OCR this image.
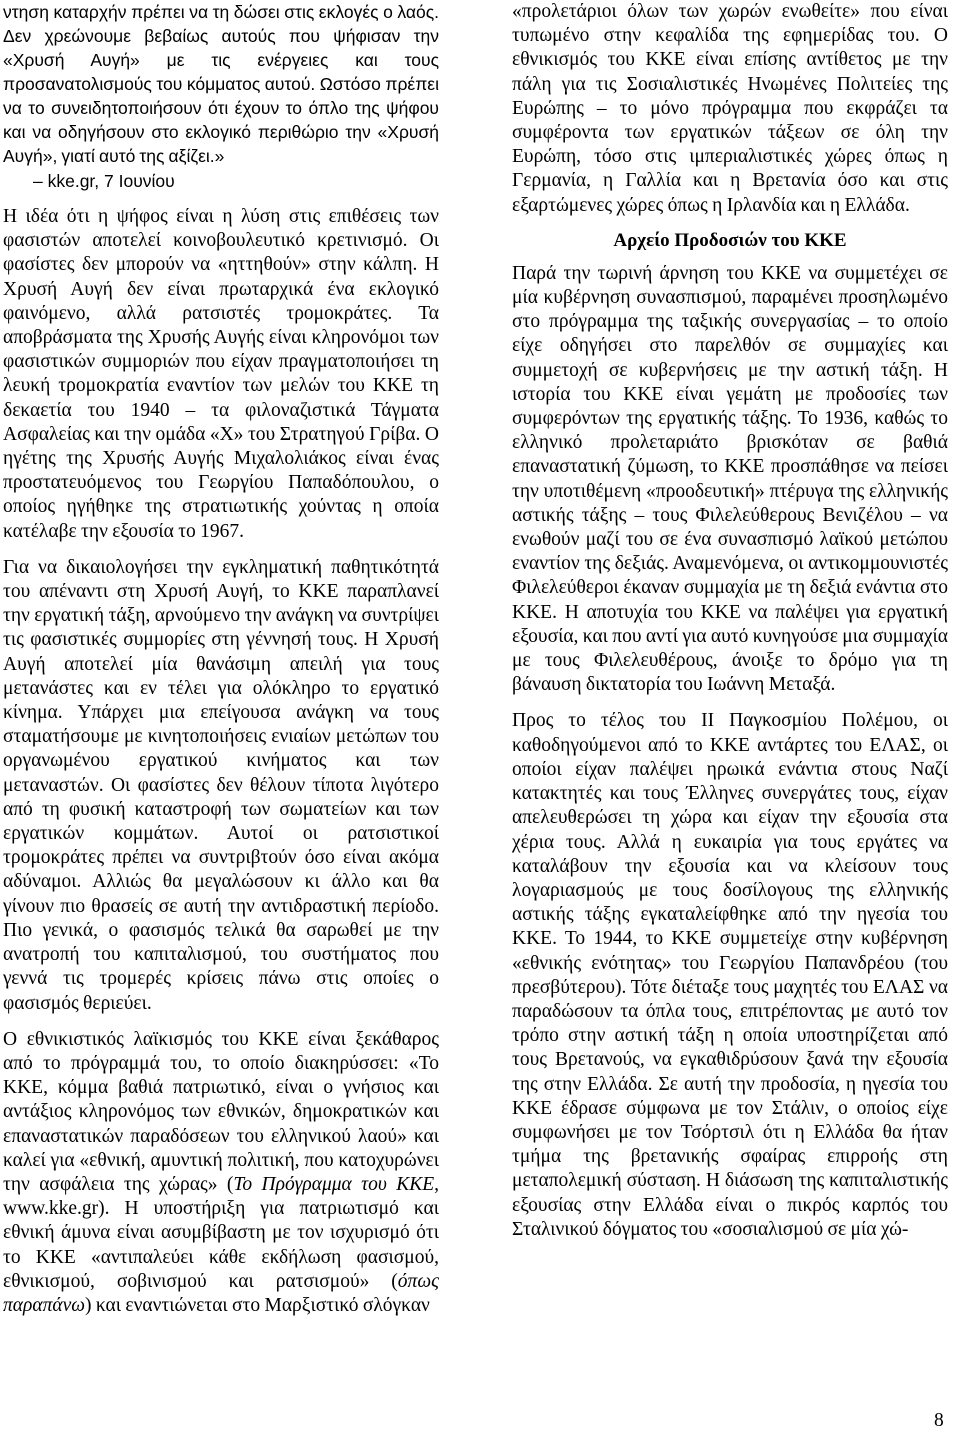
ντηση καταρχήν πρέπει να τη δώσει στις εκλογές ο λαός. Δεν χρεώνουμε βεβαίως αυτούς που ψήφισαν την «Χρυσή Αυγή» με τις ενέργειες και τους προσανατολισμούς του κόμματος αυτού. Ωστόσο πρέπει να το συνειδητοποιήσουν ότι έχουν το όπλο της ψήφου και να οδηγήσουν στο εκλογικό περιθώριο την «Χρυσή Αυγή», γιατί αυτό της αξίζει.»

– kke.gr, 7 Ιουνίου

Η ιδέα ότι η ψήφος είναι η λύση στις επιθέσεις των φασιστών αποτελεί κοινοβουλευτικό κρετινισμό. Οι φασίστες δεν μπορούν να «ηττηθούν» στην κάλπη. Η Χρυσή Αυγή δεν είναι πρωταρχικά ένα εκλογικό φαινόμενο, αλλά ρατσιστές τρομοκράτες. Τα αποβράσματα της Χρυσής Αυγής είναι κληρονόμοι των φασιστικών συμμοριών που είχαν πραγματοποιήσει τη λευκή τρομοκρατία εναντίον των μελών του ΚΚΕ τη δεκαετία του 1940 – τα φιλοναζιστικά Τάγματα Ασφαλείας και την ομάδα «Χ» του Στρατηγού Γρίβα. Ο ηγέτης της Χρυσής Αυγής Μιχαλολιάκος είναι ένας προστατευόμενος του Γεωργίου Παπαδόπουλου, ο οποίος ηγήθηκε της στρατιωτικής χούντας η οποία κατέλαβε την εξουσία το 1967.

Για να δικαιολογήσει την εγκληματική παθητικότητά του απέναντι στη Χρυσή Αυγή, το ΚΚΕ παραπλανεί την εργατική τάξη, αρνούμενο την ανάγκη να συντρίψει τις φασιστικές συμμορίες στη γέννησή τους. Η Χρυσή Αυγή αποτελεί μία θανάσιμη απειλή για τους μετανάστες και εν τέλει για ολόκληρο το εργατικό κίνημα. Υπάρχει μια επείγουσα ανάγκη να τους σταματήσουμε με κινητοποιήσεις ενιαίων μετώπων του οργανωμένου εργατικού κινήματος και των μεταναστών. Οι φασίστες δεν θέλουν τίποτα λιγότερο από τη φυσική καταστροφή των σωματείων και των εργατικών κομμάτων. Αυτοί οι ρατσιστικοί τρομοκράτες πρέπει να συντριβτούν όσο είναι ακόμα αδύναμοι. Αλλιώς θα μεγαλώσουν κι άλλο και θα γίνουν πιο θρασείς σε αυτή την αντιδραστική περίοδο. Πιο γενικά, ο φασισμός τελικά θα σαρωθεί με την ανατροπή του καπιταλισμού, του συστήματος που γεννά τις τρομερές κρίσεις πάνω στις οποίες ο φασισμός θεριεύει.

Ο εθνικιστικός λαϊκισμός του ΚΚΕ είναι ξεκάθαρος από το πρόγραμμά του, το οποίο διακηρύσσει: «Το ΚΚΕ, κόμμα βαθιά πατριωτικό, είναι ο γνήσιος και αντάξιος κληρονόμος των εθνικών, δημοκρατικών και επαναστατικών παραδόσεων του ελληνικού λαού» και καλεί για «εθνική, αμυντική πολιτική, που κατοχυρώνει την ασφάλεια της χώρας» (Το Πρόγραμμα του ΚΚΕ, www.kke.gr). Η υποστήριξη για πατριωτισμό και εθνική άμυνα είναι ασυμβίβαστη με τον ισχυρισμό ότι το ΚΚΕ «αντιπαλεύει κάθε εκδήλωση φασισμού, εθνικισμού, σοβινισμού και ρατσισμού» (όπως παραπάνω) και εναντιώνεται στο Μαρξιστικό σλόγκαν

«προλετάριοι όλων των χωρών ενωθείτε» που είναι τυπωμένο στην κεφαλίδα της εφημερίδας του. Ο εθνικισμός του ΚΚΕ είναι επίσης αντίθετος με την πάλη για τις Σοσιαλιστικές Ηνωμένες Πολιτείες της Ευρώπης – το μόνο πρόγραμμα που εκφράζει τα συμφέροντα των εργατικών τάξεων σε όλη την Ευρώπη, τόσο στις ιμπεριαλιστικές χώρες όπως η Γερμανία, η Γαλλία και η Βρετανία όσο και στις εξαρτώμενες χώρες όπως η Ιρλανδία και η Ελλάδα.

Αρχείο Προδοσιών του ΚΚΕ

Παρά την τωρινή άρνηση του ΚΚΕ να συμμετέχει σε μία κυβέρνηση συνασπισμού, παραμένει προσηλωμένο στο πρόγραμμα της ταξικής συνεργασίας – το οποίο είχε οδηγήσει στο παρελθόν σε συμμαχίες και συμμετοχή σε κυβερνήσεις με την αστική τάξη. Η ιστορία του ΚΚΕ είναι γεμάτη με προδοσίες των συμφερόντων της εργατικής τάξης. Το 1936, καθώς το ελληνικό προλεταριάτο βρισκόταν σε βαθιά επαναστατική ζύμωση, το ΚΚΕ προσπάθησε να πείσει την υποτιθέμενη «προοδευτική» πτέρυγα της ελληνικής αστικής τάξης – τους Φιλελεύθερους Βενιζέλου – να ενωθούν μαζί του σε ένα συνασπισμό λαϊκού μετώπου εναντίον της δεξιάς. Αναμενόμενα, οι αντικομμουνιστές Φιλελεύθεροι έκαναν συμμαχία με τη δεξιά ενάντια στο ΚΚΕ. Η αποτυχία του ΚΚΕ να παλέψει για εργατική εξουσία, και που αντί για αυτό κυνηγούσε μια συμμαχία με τους Φιλελευθέρους, άνοιξε το δρόμο για τη βάναυση δικτατορία του Ιωάννη Μεταξά.

Προς το τέλος του ΙΙ Παγκοσμίου Πολέμου, οι καθοδηγούμενοι από το ΚΚΕ αντάρτες του ΕΛΑΣ, οι οποίοι είχαν παλέψει ηρωικά ενάντια στους Ναζί κατακτητές και τους Έλληνες συνεργάτες τους, είχαν απελευθερώσει τη χώρα και είχαν την εξουσία στα χέρια τους. Αλλά η ευκαιρία για τους εργάτες να καταλάβουν την εξουσία και να κλείσουν τους λογαριασμούς με τους δοσίλογους της ελληνικής αστικής τάξης εγκαταλείφθηκε από την ηγεσία του ΚΚΕ. Το 1944, το ΚΚΕ συμμετείχε στην κυβέρνηση «εθνικής ενότητας» του Γεωργίου Παπανδρέου (του πρεσβύτερου). Τότε διέταξε τους μαχητές του ΕΛΑΣ να παραδώσουν τα όπλα τους, επιτρέποντας με αυτό τον τρόπο στην αστική τάξη η οποία υποστηρίζεται από τους Βρετανούς, να εγκαθιδρύσουν ξανά την εξουσία της στην Ελλάδα. Σε αυτή την προδοσία, η ηγεσία του ΚΚΕ έδρασε σύμφωνα με τον Στάλιν, ο οποίος είχε συμφωνήσει με τον Τσόρτσιλ ότι η Ελλάδα θα ήταν τμήμα της βρετανικής σφαίρας επιρροής στη μεταπολεμική σύσταση. Η διάσωση της καπιταλιστικής εξουσίας στην Ελλάδα είναι ο πικρός καρπός του Σταλινικού δόγματος του «σοσιαλισμού σε μία χώ-

8
